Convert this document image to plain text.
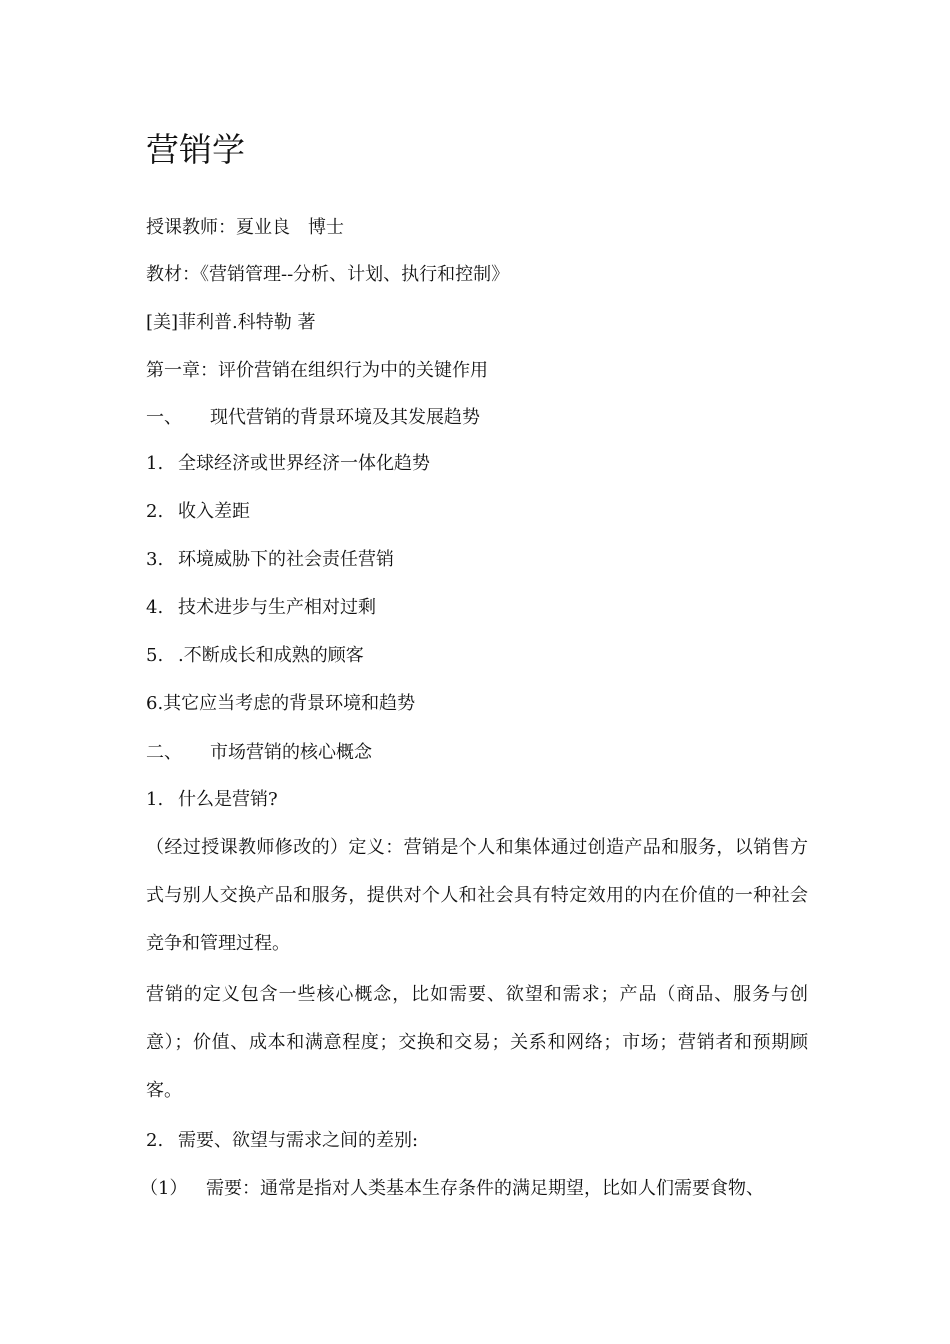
营销学
授课教师：夏业良　博士
教材：《营销管理--分析、计划、执行和控制》
[美]菲利普.科特勒 著
第一章：评价营销在组织行为中的关键作用
一、 现代营销的背景环境及其发展趋势
1. 全球经济或世界经济一体化趋势
2. 收入差距
3. 环境威胁下的社会责任营销
4. 技术进步与生产相对过剩
5. .不断成长和成熟的顾客
6.其它应当考虑的背景环境和趋势
二、 市场营销的核心概念
1. 什么是营销?
（经过授课教师修改的）定义：营销是个人和集体通过创造产品和服务，以销售方式与别人交换产品和服务，提供对个人和社会具有特定效用的内在价值的一种社会竞争和管理过程。
营销的定义包含一些核心概念，比如需要、欲望和需求；产品（商品、服务与创意）；价值、成本和满意程度；交换和交易；关系和网络；市场；营销者和预期顾客。
2. 需要、欲望与需求之间的差别:
（1） 需要：通常是指对人类基本生存条件的满足期望，比如人们需要食物、
